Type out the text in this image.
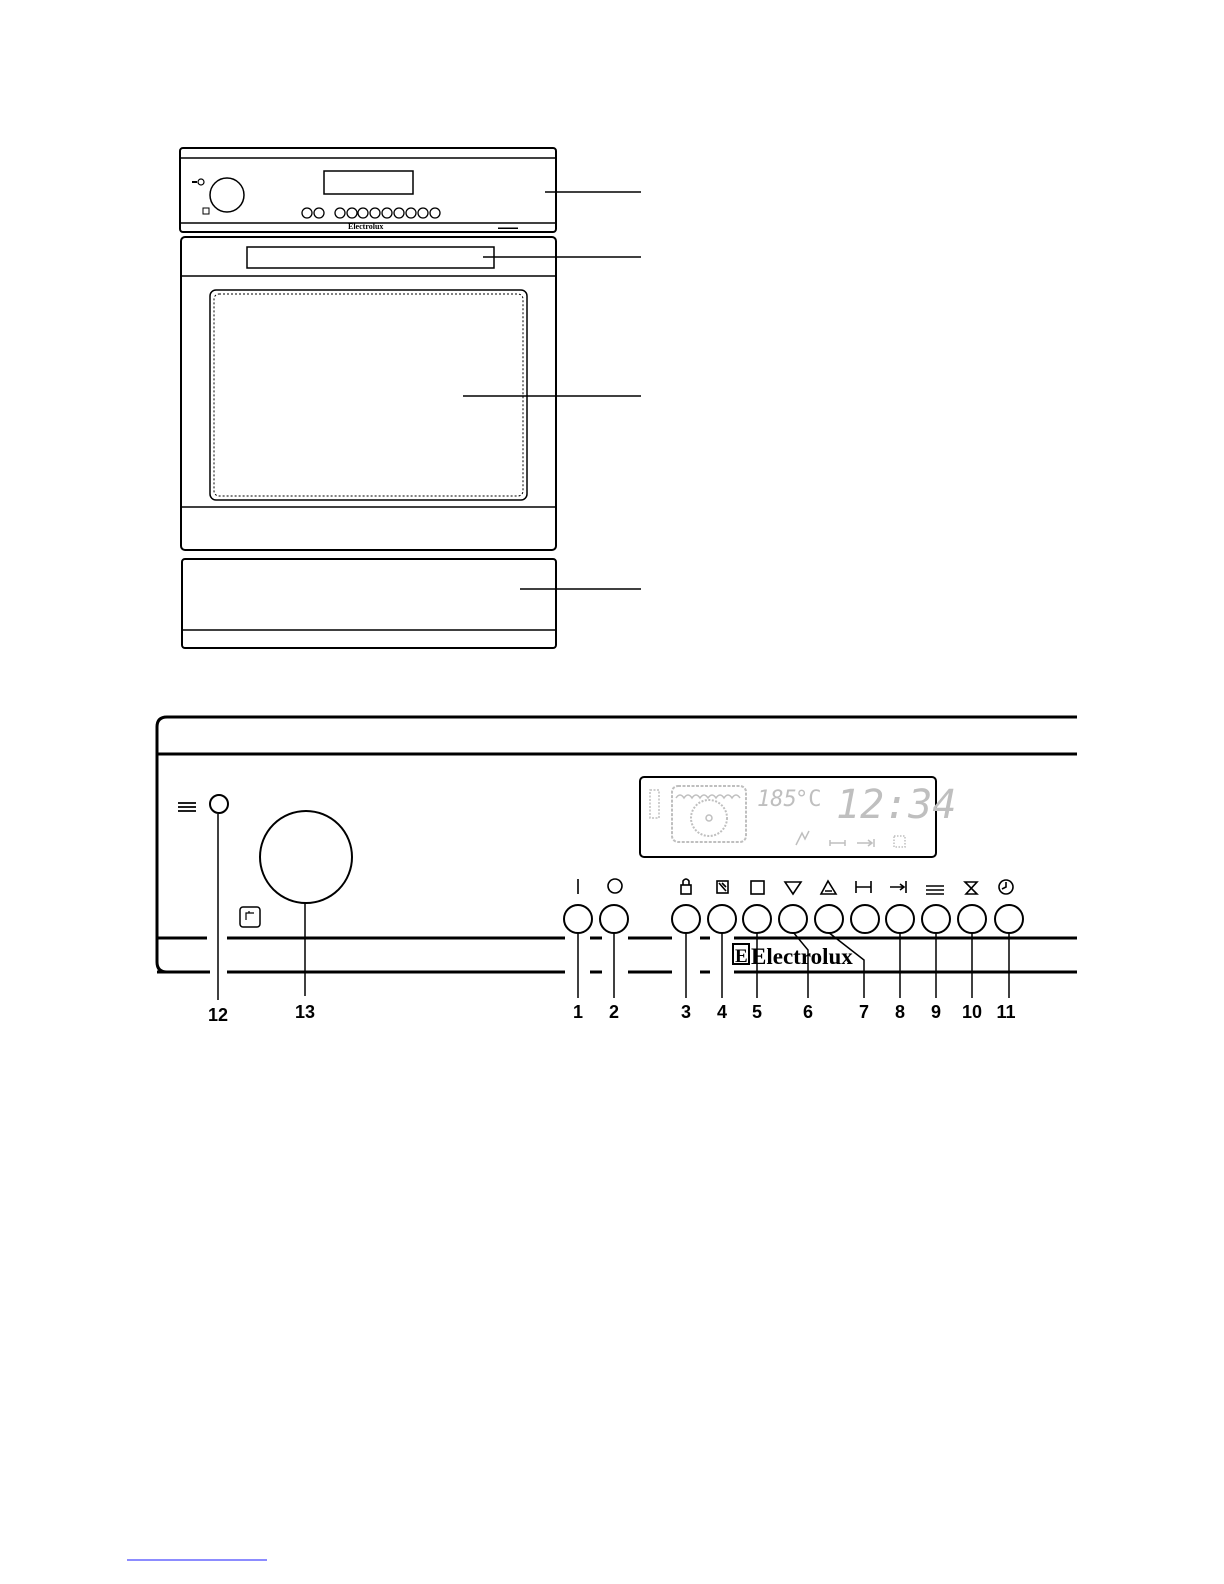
Electrolux	▬▬▬▬
185
°C 12:34
E Electrolux
1 2	3 4 5 6	7 8 9 10 11
12	13
